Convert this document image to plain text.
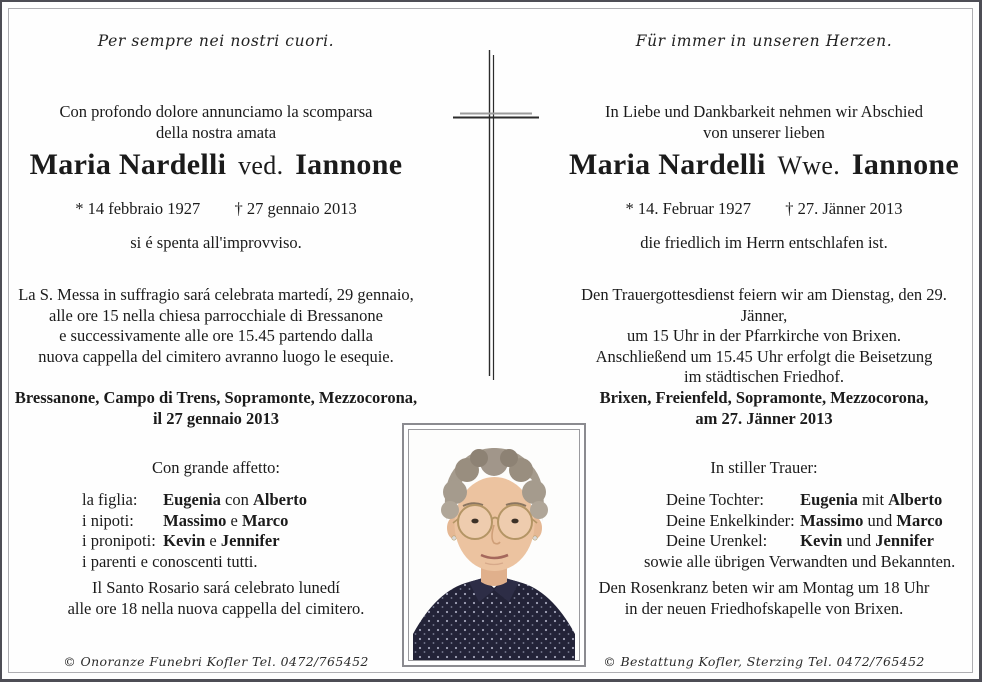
Per sempre nei nostri cuori.
Con profondo dolore annunciamo la scomparsa
della nostra amata
Maria Nardelli ved. Iannone
* 14 febbraio 1927 † 27 gennaio 2013
si é spenta all'improvviso.
La S. Messa in suffragio sará celebrata martedí, 29 gennaio,
alle ore 15 nella chiesa parrocchiale di Bressanone
e successivamente alle ore 15.45 partendo dalla
nuova cappella del cimitero avranno luogo le esequie.
Bressanone, Campo di Trens, Sopramonte, Mezzocorona,
il 27 gennaio 2013
Con grande affetto:
la figlia: Eugenia con Alberto
i nipoti: Massimo e Marco
i pronipoti: Kevin e Jennifer
i parenti e conoscenti tutti.
Il Santo Rosario sará celebrato lunedí
alle ore 18 nella nuova cappella del cimitero.
© Onoranze Funebri Kofler Tel. 0472/765452
Für immer in unseren Herzen.
In Liebe und Dankbarkeit nehmen wir Abschied
von unserer lieben
Maria Nardelli Wwe. Iannone
* 14. Februar 1927 † 27. Jänner 2013
die friedlich im Herrn entschlafen ist.
Den Trauergottesdienst feiern wir am Dienstag, den 29. Jänner,
um 15 Uhr in der Pfarrkirche von Brixen.
Anschließend um 15.45 Uhr erfolgt die Beisetzung
im städtischen Friedhof.
Brixen, Freienfeld, Sopramonte, Mezzocorona,
am 27. Jänner 2013
In stiller Trauer:
Deine Tochter: Eugenia mit Alberto
Deine Enkelkinder: Massimo und Marco
Deine Urenkel: Kevin und Jennifer
sowie alle übrigen Verwandten und Bekannten.
Den Rosenkranz beten wir am Montag um 18 Uhr
in der neuen Friedhofskapelle von Brixen.
© Bestattung Kofler, Sterzing Tel. 0472/765452
